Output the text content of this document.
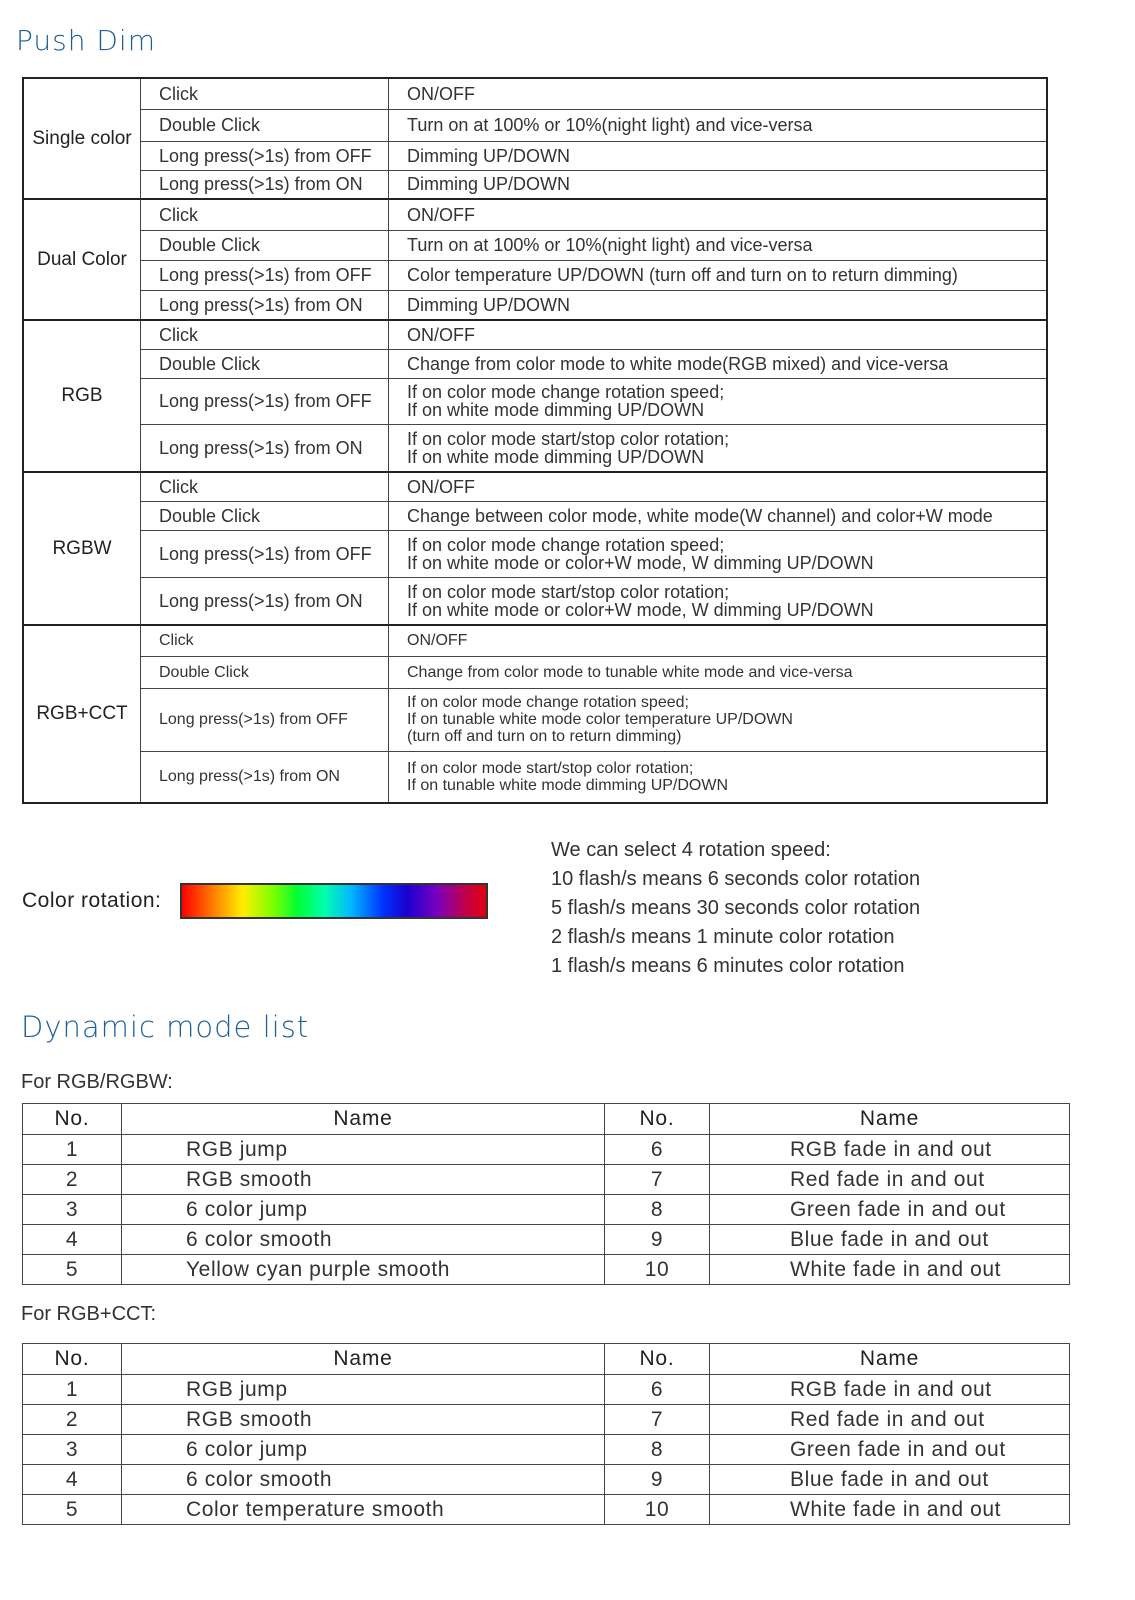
Push Dim
Single color	Click	ON/OFF
	Double Click	Turn on at 100% or 10%(night light) and vice-versa
	Long press(>1s) from OFF	Dimming UP/DOWN
	Long press(>1s) from ON	Dimming UP/DOWN
Dual Color	Click	ON/OFF
	Double Click	Turn on at 100% or 10%(night light) and vice-versa
	Long press(>1s) from OFF	Color temperature UP/DOWN (turn off and turn on to return dimming)
	Long press(>1s) from ON	Dimming UP/DOWN
RGB	Click	ON/OFF
	Double Click	Change from color mode to white mode(RGB mixed) and vice-versa
	Long press(>1s) from OFF	If on color mode change rotation speed;
If on white mode dimming UP/DOWN

	Long press(>1s) from ON	If on color mode start/stop color rotation;
If on white mode dimming UP/DOWN

RGBW	Click	ON/OFF
	Double Click	Change between color mode, white mode(W channel) and color+W mode
	Long press(>1s) from OFF	If on color mode change rotation speed;
If on white mode or color+W mode, W dimming UP/DOWN

	Long press(>1s) from ON	If on color mode start/stop color rotation;
If on white mode or color+W mode, W dimming UP/DOWN

RGB+CCT	Click	ON/OFF
	Double Click	Change from color mode to tunable white mode and vice-versa
	Long press(>1s) from OFF	If on color mode change rotation speed;
If on tunable white mode color temperature UP/DOWN
(turn off and turn on to return dimming)

	Long press(>1s) from ON	If on color mode start/stop color rotation;
If on tunable white mode dimming UP/DOWN
Color rotation:
We can select 4 rotation speed:
10 flash/s means 6 seconds color rotation
5 flash/s means 30 seconds color rotation
2 flash/s means 1 minute color rotation
1 flash/s means 6 minutes color rotation
Dynamic mode list
For RGB/RGBW:
No.	Name	No.	Name
1	RGB jump	6	RGB fade in and out
2	RGB smooth	7	Red fade in and out
3	6 color jump	8	Green fade in and out
4	6 color smooth	9	Blue fade in and out
5	Yellow cyan purple smooth	10	White fade in and out
For RGB+CCT:
No.	Name	No.	Name
1	RGB jump	6	RGB fade in and out
2	RGB smooth	7	Red fade in and out
3	6 color jump	8	Green fade in and out
4	6 color smooth	9	Blue fade in and out
5	Color temperature smooth	10	White fade in and out
